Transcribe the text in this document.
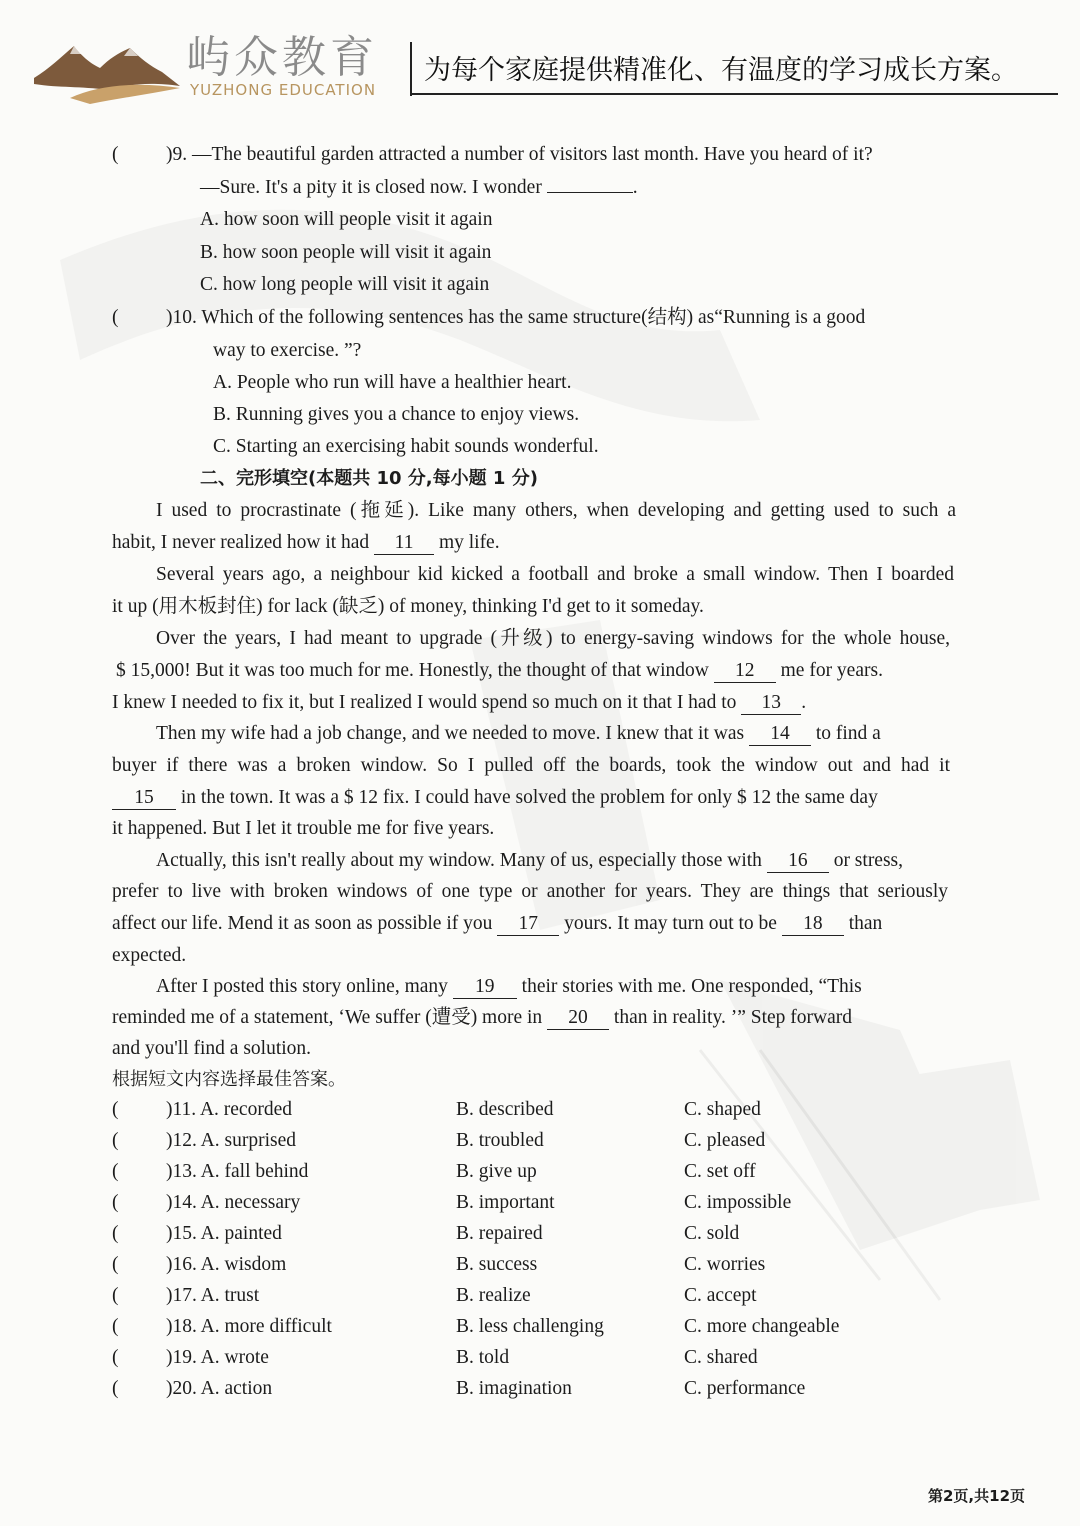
屿众教育
YUZHONG EDUCATION
为每个家庭提供精准化、有温度的学习成长方案。
( )9. —The beautiful garden attracted a number of visitors last month. Have you heard of it?
—Sure. It's a pity it is closed now. I wonder	.
A. how soon will people visit it again
B. how soon people will visit it again
C. how long people will visit it again
( )10. Which of the following sentences has the same structure(结构) as“Running is a good
way to exercise. ”?
A. People who run will have a healthier heart.
B. Running gives you a chance to enjoy views.
C. Starting an exercising habit sounds wonderful.
二、完形填空(本题共 10 分,每小题 1 分)
I used to procrastinate (拖延). Like many others, when developing and getting used to such a
habit, I never realized how it had 11 my life.
Several years ago, a neighbour kid kicked a football and broke a small window. Then I boarded
it up (用木板封住) for lack (缺乏) of money, thinking I'd get to it someday.
Over the years, I had meant to upgrade (升级) to energy-saving windows for the whole house,
$ 15,000! But it was too much for me. Honestly, the thought of that window 12 me for years.
I knew I needed to fix it, but I realized I would spend so much on it that I had to 13 .
Then my wife had a job change, and we needed to move. I knew that it was 14 to find a
buyer if there was a broken window. So I pulled off the boards, took the window out and had it
15 in the town. It was a $ 12 fix. I could have solved the problem for only $ 12 the same day
it happened. But I let it trouble me for five years.
Actually, this isn't really about my window. Many of us, especially those with 16 or stress,
prefer to live with broken windows of one type or another for years. They are things that seriously
affect our life. Mend it as soon as possible if you 17 yours. It may turn out to be 18 than
expected.
After I posted this story online, many 19 their stories with me. One responded, “This
reminded me of a statement, ‘We suffer (遭受) more in 20 than in reality. ’” Step forward
and you'll find a solution.
根据短文内容选择最佳答案。
( )11. A. recorded	B. described	C. shaped
( )12. A. surprised	B. troubled	C. pleased
( )13. A. fall behind	B. give up	C. set off
( )14. A. necessary	B. important	C. impossible
( )15. A. painted	B. repaired	C. sold
( )16. A. wisdom	B. success	C. worries
( )17. A. trust	B. realize	C. accept
( )18. A. more difficult	B. less challenging	C. more changeable
( )19. A. wrote	B. told	C. shared
( )20. A. action	B. imagination	C. performance
第2页,共12页
